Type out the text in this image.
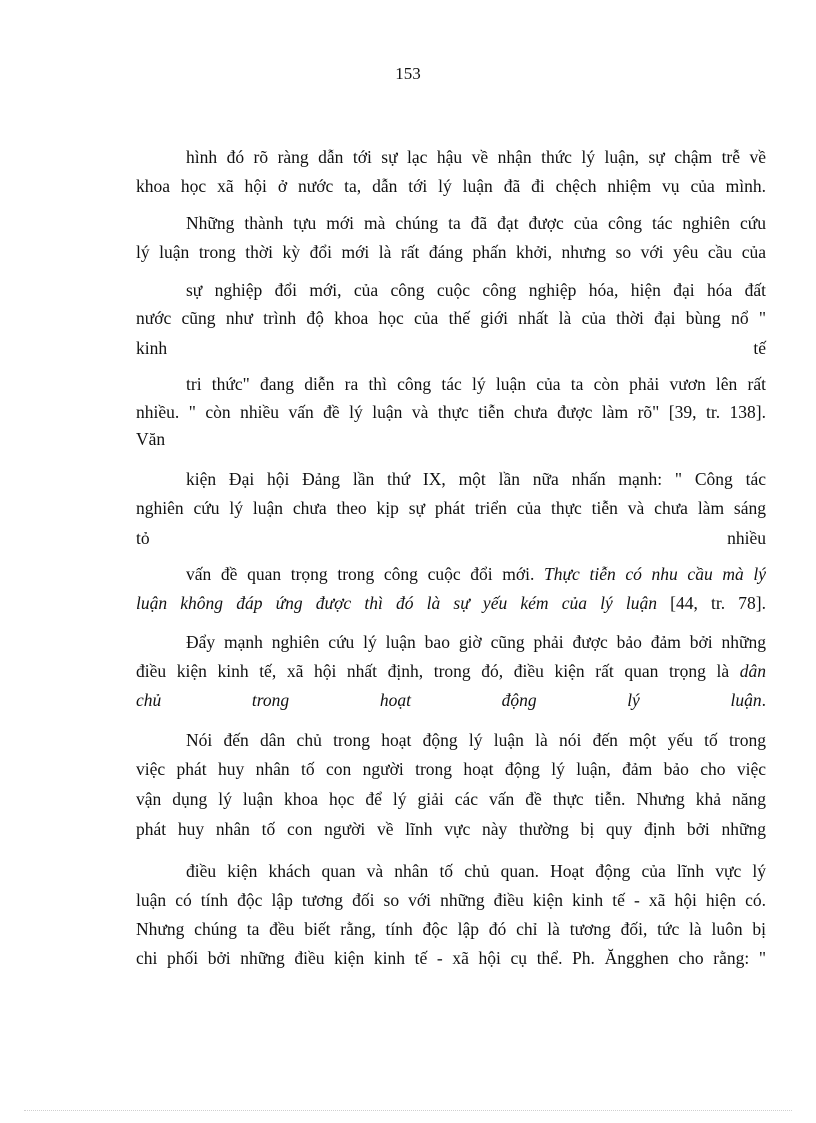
153
hình đó rõ ràng dẫn tới sự lạc hậu về nhận thức lý luận, sự chậm trễ về
khoa học xã hội ở nước ta, dẫn tới lý luận đã đi chệch nhiệm vụ của mình.
Những thành tựu mới mà chúng ta đã đạt được của công tác nghiên cứu
lý luận trong thời kỳ đổi mới là rất đáng phấn khởi, nhưng so với yêu cầu của
sự nghiệp đổi mới, của công cuộc công nghiệp hóa, hiện đại hóa đất
nước cũng như trình độ khoa học của thế giới nhất là của thời đại bùng nổ "
kinh	tế
tri thức" đang diễn ra thì công tác lý luận của ta còn phải vươn lên rất
nhiều. " còn nhiều vấn đề lý luận và thực tiễn chưa được làm rõ" [39, tr. 138].
Văn
kiện Đại hội Đảng lần thứ IX, một lần nữa nhấn mạnh: " Công tác
nghiên cứu lý luận chưa theo kịp sự phát triển của thực tiễn và chưa làm sáng
tỏ	nhiều
vấn đề quan trọng trong công cuộc đổi mới. Thực tiễn có nhu cầu mà lý
luận không đáp ứng được thì đó là sự yếu kém của lý luận [44, tr. 78].
Đẩy mạnh nghiên cứu lý luận bao giờ cũng phải được bảo đảm bởi những
điều kiện kinh tế, xã hội nhất định, trong đó, điều kiện rất quan trọng là dân
chủ	trong	hoạt	động	lý	luận.
Nói đến dân chủ trong hoạt động lý luận là nói đến một yếu tố trong
việc phát huy nhân tố con người trong hoạt động lý luận, đảm bảo cho việc
vận dụng lý luận khoa học để lý giải các vấn đề thực tiễn. Nhưng khả năng
phát huy nhân tố con người về lĩnh vực này thường bị quy định bởi những
điều kiện khách quan và nhân tố chủ quan. Hoạt động của lĩnh vực lý
luận có tính độc lập tương đối so với những điều kiện kinh tế - xã hội hiện có.
Nhưng chúng ta đều biết rằng, tính độc lập đó chỉ là tương đối, tức là luôn bị
chi phối bởi những điều kiện kinh tế - xã hội cụ thể. Ph. Ăngghen cho rằng: "
